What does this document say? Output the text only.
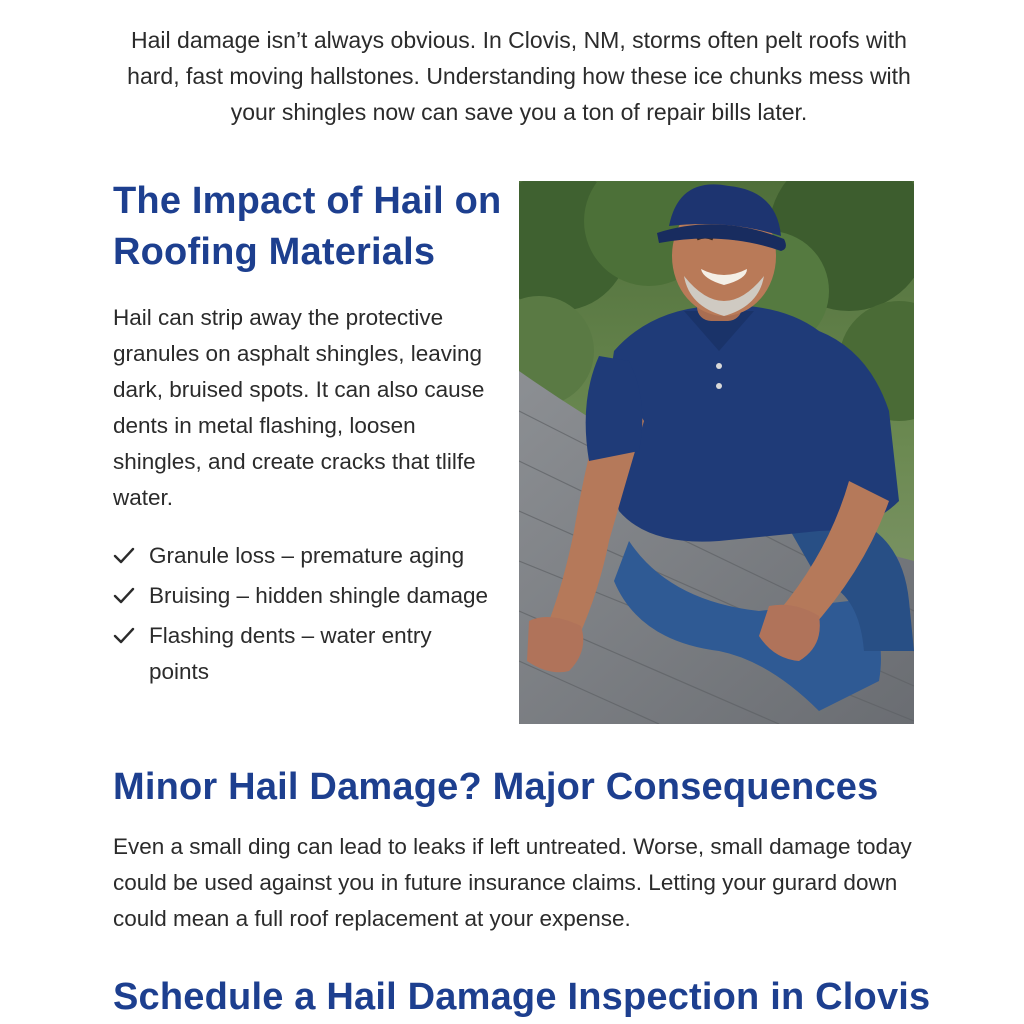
Hail damage isn’t always obvious. In Clovis, NM, storms often pelt roofs with hard, fast moving hallstones. Understanding how these ice chunks mess with your shingles now can save you a ton of repair bills later.

The Impact of Hail on Roofing Materials

Hail can strip away the protective granules on asphalt shingles, leaving dark, bruised spots. It can also cause dents in metal flashing, loosen shingles, and create cracks that tlilfe water.

Granule loss – premature aging
Bruising – hidden shingle damage
Flashing dents – water entry points
Minor Hail Damage? Major Consequences

Even a small ding can lead to leaks if left untreated. Worse, small damage today could be used against you in future insurance claims. Letting your gurard down could mean a full roof replacement at your expense.

Schedule a Hail Damage Inspection in Clovis
